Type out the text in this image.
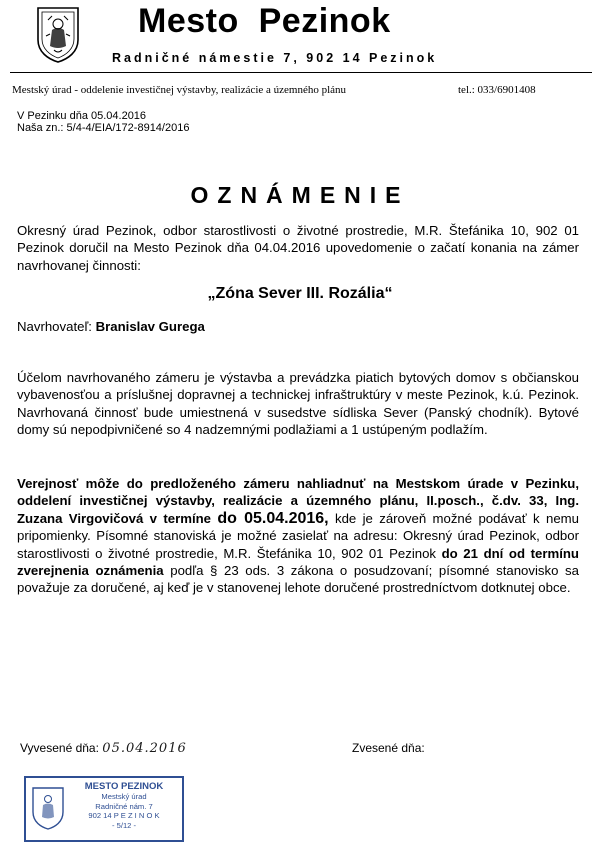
Mesto  Pezinok
Radničné námestie 7, 902 14 Pezinok
Mestský úrad - oddelenie investičnej výstavby, realizácie a územného plánu	tel.: 033/6901408
V Pezinku dňa 05.04.2016
Naša zn.: 5/4-4/EIA/172-8914/2016
OZNÁMENIE
Okresný úrad Pezinok, odbor starostlivosti o životné prostredie, M.R. Štefánika 10, 902 01 Pezinok doručil na Mesto Pezinok dňa 04.04.2016 upovedomenie o začatí konania na zámer navrhovanej činnosti:
„Zóna Sever III. Rozália“
Navrhovateľ: Branislav Gurega
Účelom navrhovaného zámeru je výstavba a prevádzka piatich bytových domov s občianskou vybavenosťou a príslušnej dopravnej a technickej infraštruktúry v meste Pezinok, k.ú. Pezinok. Navrhovaná činnosť bude umiestnená v susedstve sídliska Sever (Panský chodník). Bytové domy sú nepodpivničené so 4 nadzemnými podlažiami a 1 ustúpeným podlažím.
Verejnosť môže do predloženého zámeru nahliadnuť na Mestskom úrade v Pezinku, oddelení investičnej výstavby, realizácie a územného plánu, II.posch., č.dv. 33, Ing. Zuzana Virgovičová v termíne do 05.04.2016, kde je zároveň možné podávať k nemu pripomienky. Písomné stanoviská je možné zasielať na adresu: Okresný úrad Pezinok, odbor starostlivosti o životné prostredie, M.R. Štefánika 10, 902 01 Pezinok do 21 dní od termínu zverejnenia oznámenia podľa § 23 ods. 3 zákona o posudzovaní; písomné stanovisko sa považuje za doručené, aj keď je v stanovenej lehote doručené prostredníctvom dotknutej obce.
Vyvesené dňa: 05.04.2016	Zvesené dňa:
MESTO PEZINOK
Mestský úrad
Radničné nám. 7
902 14 P E Z I N O K
- 5/12 -
